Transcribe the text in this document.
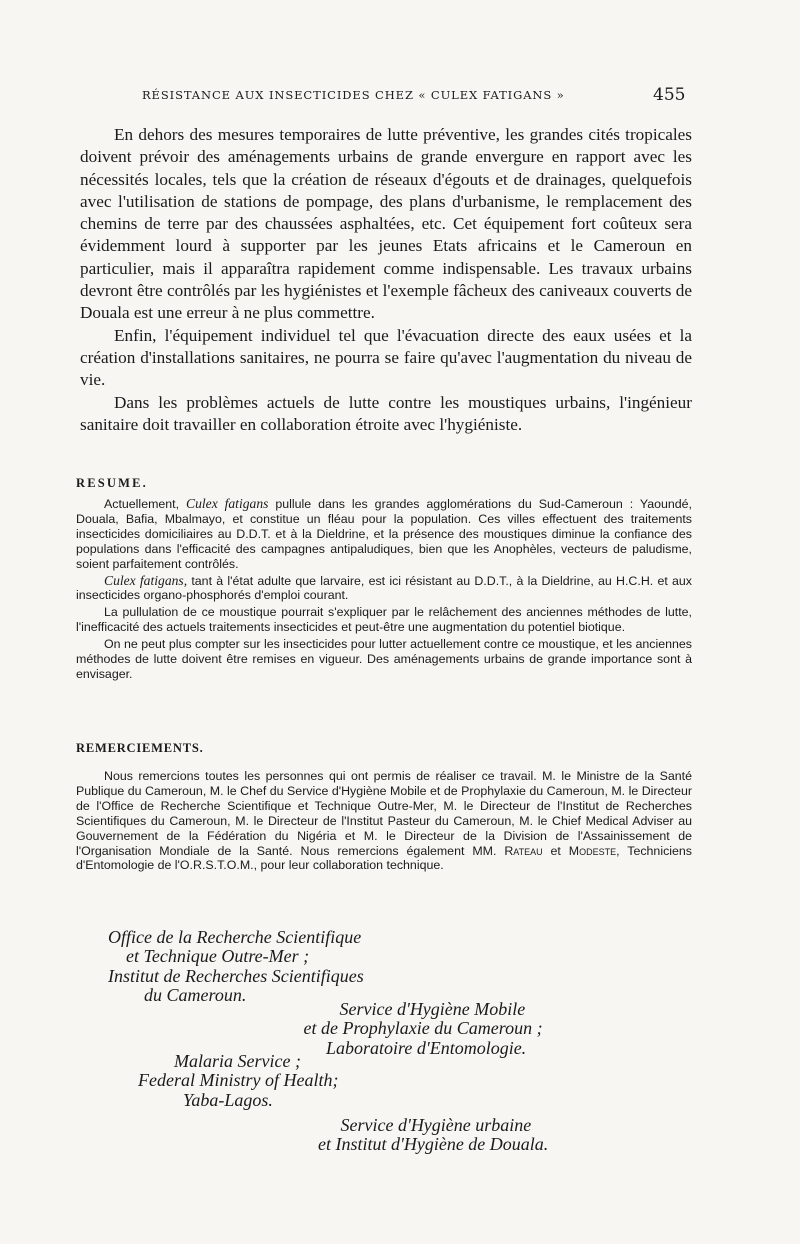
RÉSISTANCE AUX INSECTICIDES CHEZ « CULEX FATIGANS »	455

En dehors des mesures temporaires de lutte préventive, les grandes cités tropicales doivent prévoir des aménagements urbains de grande envergure en rapport avec les nécessités locales, tels que la création de réseaux d'égouts et de drainages, quelquefois avec l'utilisation de stations de pompage, des plans d'urbanisme, le remplacement des chemins de terre par des chaussées asphaltées, etc. Cet équipement fort coûteux sera évidemment lourd à supporter par les jeunes Etats africains et le Cameroun en particulier, mais il apparaîtra rapidement comme indispensable. Les travaux urbains devront être contrôlés par les hygiénistes et l'exemple fâcheux des caniveaux couverts de Douala est une erreur à ne plus commettre.

Enfin, l'équipement individuel tel que l'évacuation directe des eaux usées et la création d'installations sanitaires, ne pourra se faire qu'avec l'augmentation du niveau de vie.

Dans les problèmes actuels de lutte contre les moustiques urbains, l'ingénieur sanitaire doit travailler en collaboration étroite avec l'hygiéniste.

RESUME.

Actuellement, Culex fatigans pullule dans les grandes agglomérations du Sud-Cameroun : Yaoundé, Douala, Bafia, Mbalmayo, et constitue un fléau pour la population. Ces villes effectuent des traitements insecticides domiciliaires au D.D.T. et à la Dieldrine, et la présence des moustiques diminue la confiance des populations dans l'efficacité des campagnes antipaludiques, bien que les Anophèles, vecteurs de paludisme, soient parfaitement contrôlés.

Culex fatigans, tant à l'état adulte que larvaire, est ici résistant au D.D.T., à la Dieldrine, au H.C.H. et aux insecticides organo-phosphorés d'emploi courant.

La pullulation de ce moustique pourrait s'expliquer par le relâchement des anciennes méthodes de lutte, l'inefficacité des actuels traitements insecticides et peut-être une augmentation du potentiel biotique.

On ne peut plus compter sur les insecticides pour lutter actuellement contre ce moustique, et les anciennes méthodes de lutte doivent être remises en vigueur. Des aménagements urbains de grande importance sont à envisager.

REMERCIEMENTS.

Nous remercions toutes les personnes qui ont permis de réaliser ce travail. M. le Ministre de la Santé Publique du Cameroun, M. le Chef du Service d'Hygiène Mobile et de Prophylaxie du Cameroun, M. le Directeur de l'Office de Recherche Scientifique et Technique Outre-Mer, M. le Directeur de l'Institut de Recherches Scientifiques du Cameroun, M. le Directeur de l'Institut Pasteur du Cameroun, M. le Chief Medical Adviser au Gouvernement de la Fédération du Nigéria et M. le Directeur de la Division de l'Assainissement de l'Organisation Mondiale de la Santé. Nous remercions également MM. Rateau et Modeste, Techniciens d'Entomologie de l'O.R.S.T.O.M., pour leur collaboration technique.

Office de la Recherche Scientifique
et Technique Outre-Mer ;
Institut de Recherches Scientifiques
du Cameroun.
Service d'Hygiène Mobile
et de Prophylaxie du Cameroun ;
Laboratoire d'Entomologie.
Malaria Service ;
Federal Ministry of Health;
Yaba-Lagos.
Service d'Hygiène urbaine
et Institut d'Hygiène de Douala.
